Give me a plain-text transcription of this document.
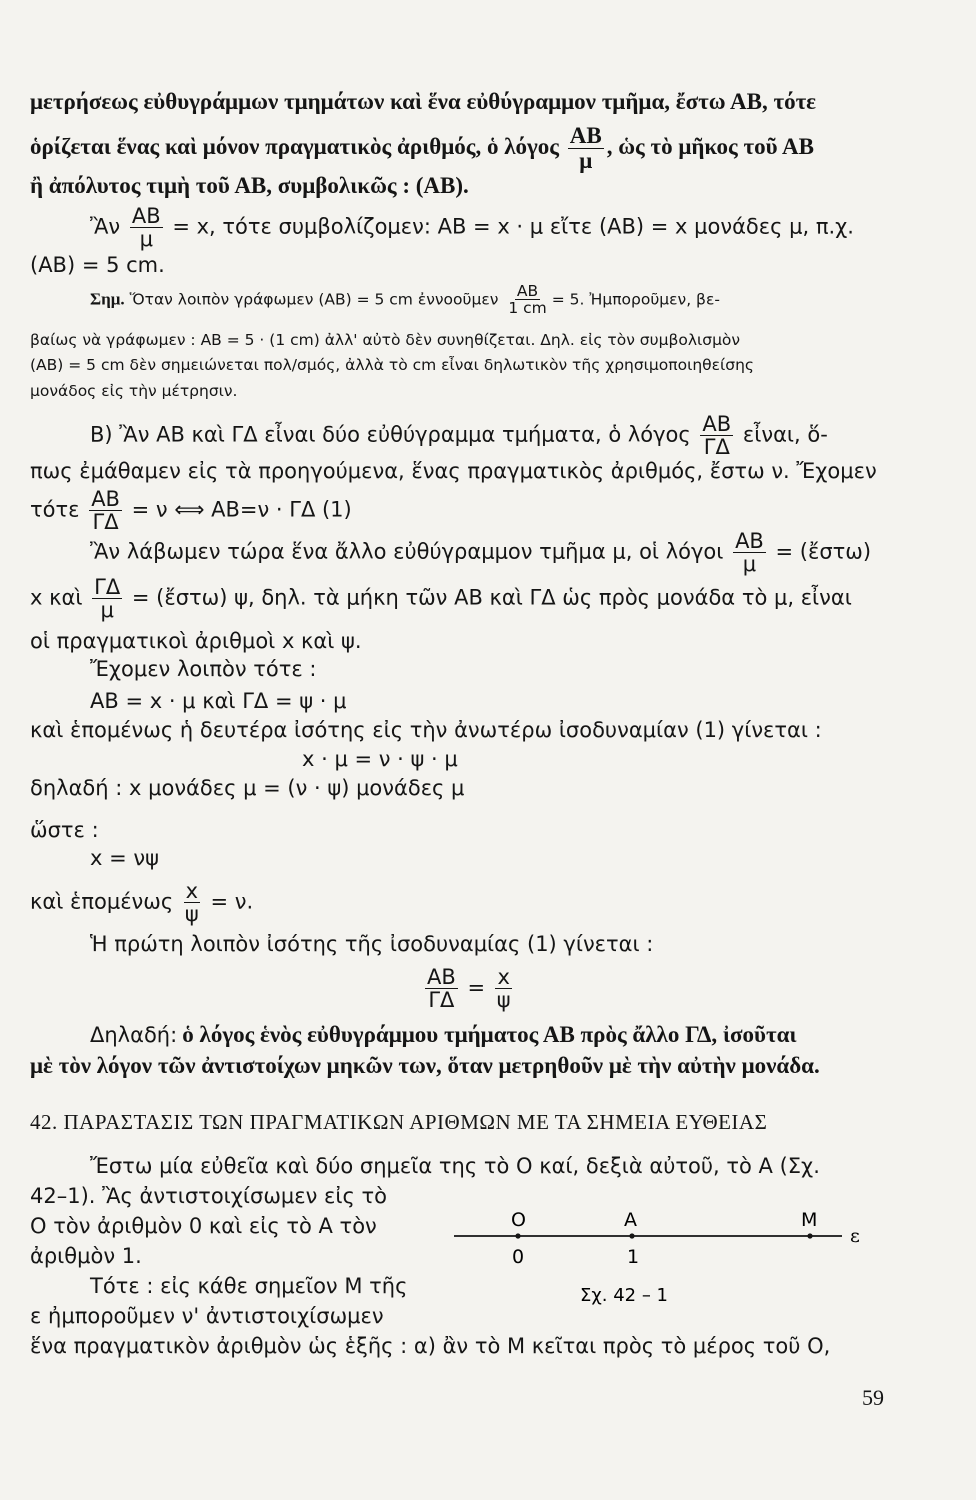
μετρήσεως εὐθυγράμμων τμημάτων καὶ ἕνα εὐθύγραμμον τμῆμα, ἔστω ΑΒ, τότε
ὁρίζεται ἕνας καὶ μόνον πραγματικὸς ἀριθμός, ὁ λόγος $\frac{AB}{\mu}$ , ὡς τὸ μῆκος τοῦ ΑΒ
ἢ ἀπόλυτος τιμὴ τοῦ ΑΒ, συμβολικῶς : (ΑΒ).
Ἂν $\frac{AB}{\mu} = x$, τότε συμβολίζομεν: AB = x · μ εἴτε (AB) = x μονάδες μ, π.χ.
(AB) = 5 cm.
Σημ. Ὅταν λοιπὸν γράφωμεν (AB) = 5 cm ἐννοοῦμεν $\frac{AB}{1 cm} = 5$. Ἠμποροῦμεν, βε-
βαίως νὰ γράφωμεν : AB = 5 · (1 cm) ἀλλ' αὐτὸ δὲν συνηθίζεται. Δηλ. εἰς τὸν συμβολισμὸν
(AB) = 5 cm δὲν σημειώνεται πολ/σμός, ἀλλὰ τὸ cm εἶναι δηλωτικὸν τῆς χρησιμοποιηθείσης
μονάδος εἰς τὴν μέτρησιν.
Β) Ἂν AB καὶ ΓΔ εἶναι δύο εὐθύγραμμα τμήματα, ὁ λόγος $\frac{AB}{\Gamma\Delta}$ εἶναι, ὅ-
πως ἐμάθαμεν εἰς τὰ προηγούμενα, ἕνας πραγματικὸς ἀριθμός, ἔστω ν. Ἔχομεν
τότε $\frac{AB}{\Gamma\Delta} = \nu$ ⟺ AB=ν · ΓΔ (1)
Ἂν λάβωμεν τώρα ἕνα ἄλλο εὐθύγραμμον τμῆμα μ, οἱ λόγοι $\frac{AB}{\mu}$ = (ἔστω)
x καὶ $\frac{\Gamma\Delta}{\mu}$ = (ἔστω) ψ, δηλ. τὰ μήκη τῶν AB καὶ ΓΔ ὡς πρὸς μονάδα τὸ μ, εἶναι
οἱ πραγματικοὶ ἀριθμοὶ x καὶ ψ.
Ἔχομεν λοιπὸν τότε :
AB = x · μ καὶ ΓΔ = ψ · μ
καὶ ἑπομένως ἡ δευτέρα ἰσότης εἰς τὴν ἀνωτέρω ἰσοδυναμίαν (1) γίνεται :
x · μ = ν · ψ · μ
δηλαδή : x μονάδες μ = (ν · ψ) μονάδες μ
ὥστε :
x = νψ
καὶ ἑπομένως $\frac{x}{\psi} = \nu$.
Ἡ πρώτη λοιπὸν ἰσότης τῆς ἰσοδυναμίας (1) γίνεται :
$\frac{AB}{\Gamma\Delta} = \frac{x}{\psi}$
Δηλαδή: ὁ λόγος ἑνὸς εὐθυγράμμου τμήματος ΑΒ πρὸς ἄλλο ΓΔ, ἰσοῦται
μὲ τὸν λόγον τῶν ἀντιστοίχων μηκῶν των, ὅταν μετρηθοῦν μὲ τὴν αὐτὴν μονάδα.
42. ΠΑΡΑΣΤΑΣΙΣ ΤΩΝ ΠΡΑΓΜΑΤΙΚΩΝ ΑΡΙΘΜΩΝ ΜΕ ΤΑ ΣΗΜΕΙΑ ΕΥΘΕΙΑΣ
Ἔστω μία εὐθεῖα καὶ δύο σημεῖα της τὸ Ο καί, δεξιὰ αὐτοῦ, τὸ Α (Σχ.
42–1). Ἂς ἀντιστοιχίσωμεν εἰς τὸ
Ο τὸν ἀριθμὸν 0 καὶ εἰς τὸ Α τὸν
ἀριθμὸν 1.
Τότε : εἰς κάθε σημεῖον Μ τῆς
ε ἠμποροῦμεν ν' ἀντιστοιχίσωμεν
ἕνα πραγματικὸν ἀριθμὸν ὡς ἑξῆς : α) ἂν τὸ Μ κεῖται πρὸς τὸ μέρος τοῦ Ο,
O	A	M
0	1
ε
Σχ. 42 – 1
59
